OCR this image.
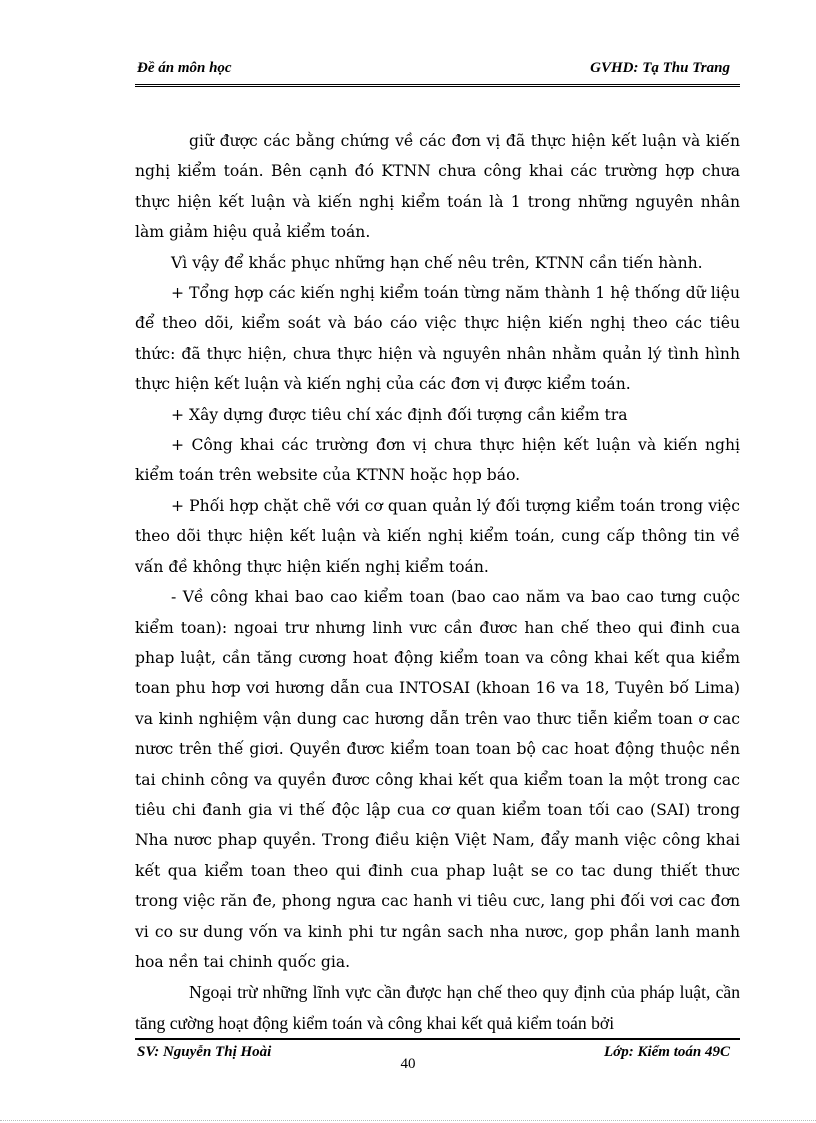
Đề án môn học	GVHD: Tạ Thu Trang

giữ được các bằng chứng về các đơn vị đã thực hiện kết luận và kiến nghị kiểm toán. Bên cạnh đó KTNN chưa công khai các trường hợp chưa thực hiện kết luận và kiến nghị kiểm toán là 1 trong những nguyên nhân làm giảm hiệu quả kiểm toán.

Vì vậy để khắc phục những hạn chế nêu trên, KTNN cần tiến hành.

+ Tổng hợp các kiến nghị kiểm toán từng năm thành 1 hệ thống dữ liệu để theo dõi, kiểm soát và báo cáo việc thực hiện kiến nghị theo các tiêu thức: đã thực hiện, chưa thực hiện và nguyên nhân nhằm quản lý tình hình thực hiện kết luận và kiến nghị của các đơn vị được kiểm toán.

+ Xây dựng được tiêu chí xác định đối tượng cần kiểm tra

+ Công khai các trường đơn vị chưa thực hiện kết luận và kiến nghị kiểm toán trên website của KTNN hoặc họp báo.

+ Phối hợp chặt chẽ với cơ quan quản lý đối tượng kiểm toán trong việc theo dõi thực hiện kết luận và kiến nghị kiểm toán, cung cấp thông tin về vấn đề không thực hiện kiến nghị kiểm toán.

- Về công khai bao cao kiểm toan (bao cao năm va bao cao tưng cuộc kiểm toan): ngoai trư nhưng linh vưc cần đươc han chế theo qui đinh cua phap luật, cần tăng cương hoat động kiểm toan va công khai kết qua kiểm toan phu hơp vơi hương dẫn cua INTOSAI (khoan 16 va 18, Tuyên bố Lima) va kinh nghiệm vận dung cac hương dẫn trên vao thưc tiễn kiểm toan ơ cac nươc trên thế giơi. Quyền đươc kiểm toan toan bộ cac hoat động thuộc nền tai chinh công va quyền đươc công khai kết qua kiểm toan la một trong cac tiêu chi đanh gia vi thế độc lập cua cơ quan kiểm toan tối cao (SAI) trong Nha nươc phap quyền. Trong điều kiện Việt Nam, đẩy manh việc công khai kết qua kiểm toan theo qui đinh cua phap luật se co tac dung thiết thưc trong việc răn đe, phong ngưa cac hanh vi tiêu cưc, lang phi đối vơi cac đơn vi co sư dung vốn va kinh phi tư ngân sach nha nươc, gop phần lanh manh hoa nền tai chinh quốc gia.

Ngoại trừ những lĩnh vực cần được hạn chế theo quy định của pháp luật, cần tăng cường hoạt động kiểm toán và công khai kết quả kiểm toán bởi

SV: Nguyễn Thị Hoài	Lớp: Kiểm toán 49C
40
